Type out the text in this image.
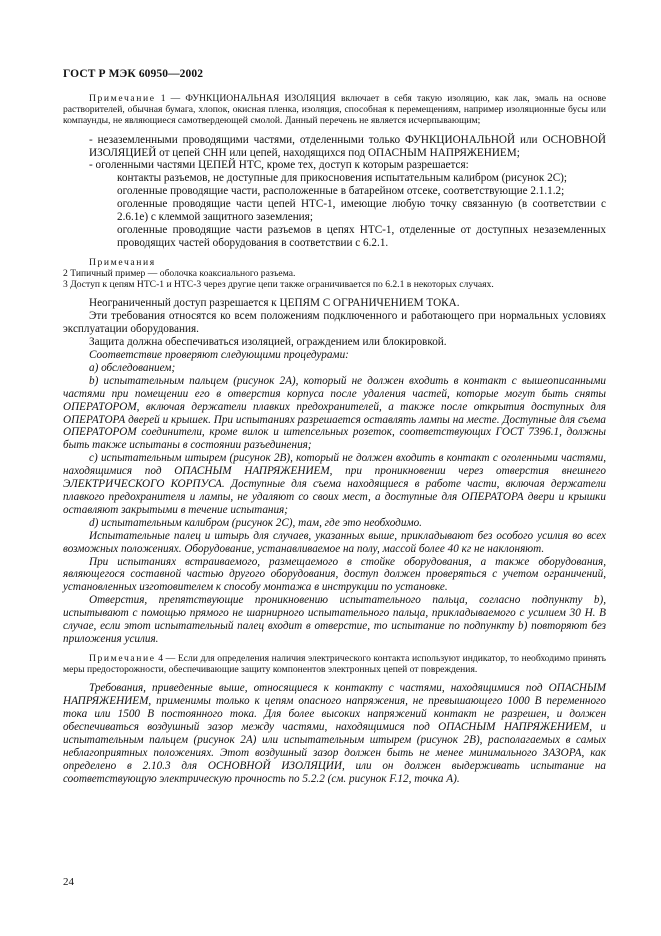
ГОСТ Р МЭК 60950—2002

Примечание 1 — ФУНКЦИОНАЛЬНАЯ ИЗОЛЯЦИЯ включает в себя такую изоляцию, как лак, эмаль на основе растворителей, обычная бумага, хлопок, окисная пленка, изоляция, способная к перемещениям, например изоляционные бусы или компаунды, не являющиеся самотвердеющей смолой. Данный перечень не является исчерпывающим;

- незаземленными проводящими частями, отделенными только ФУНКЦИОНАЛЬНОЙ или ОСНОВНОЙ ИЗОЛЯЦИЕЙ от цепей СНН или цепей, находящихся под ОПАСНЫМ НАПРЯЖЕНИЕМ;

- оголенными частями ЦЕПЕЙ НТС, кроме тех, доступ к которым разрешается:

контакты разъемов, не доступные для прикосновения испытательным калибром (рисунок 2С);

оголенные проводящие части, расположенные в батарейном отсеке, соответствующие 2.1.1.2;

оголенные проводящие части цепей НТС-1, имеющие любую точку связанную (в соответствии с 2.6.1е) с клеммой защитного заземления;

оголенные проводящие части разъемов в цепях НТС-1, отделенные от доступных незаземленных проводящих частей оборудования в соответствии с 6.2.1.

Примечания

2 Типичный пример — оболочка коаксиального разъема.

3 Доступ к цепям НТС-1 и НТС-3 через другие цепи также ограничивается по 6.2.1 в некоторых случаях.

Неограниченный доступ разрешается к ЦЕПЯМ С ОГРАНИЧЕНИЕМ ТОКА.

Эти требования относятся ко всем положениям подключенного и работающего при нормальных условиях эксплуатации оборудования.

Защита должна обеспечиваться изоляцией, ограждением или блокировкой.

Соответствие проверяют следующими процедурами:

а) обследованием;

b) испытательным пальцем (рисунок 2А), который не должен входить в контакт с вышеописанными частями при помещении его в отверстия корпуса после удаления частей, которые могут быть сняты ОПЕРАТОРОМ, включая держатели плавких предохранителей, а также после открытия доступных для ОПЕРАТОРА дверей и крышек. При испытаниях разрешается оставлять лампы на месте. Доступные для съема ОПЕРАТОРОМ соединители, кроме вилок и штепсельных розеток, соответствующих ГОСТ 7396.1, должны быть также испытаны в состоянии разъединения;

с) испытательным штырем (рисунок 2В), который не должен входить в контакт с оголенными частями, находящимися под ОПАСНЫМ НАПРЯЖЕНИЕМ, при проникновении через отверстия внешнего ЭЛЕКТРИЧЕСКОГО КОРПУСА. Доступные для съема находящиеся в работе части, включая держатели плавкого предохранителя и лампы, не удаляют со своих мест, а доступные для ОПЕРАТОРА двери и крышки оставляют закрытыми в течение испытания;

d) испытательным калибром (рисунок 2С), там, где это необходимо.

Испытательные палец и штырь для случаев, указанных выше, прикладывают без особого усилия во всех возможных положениях. Оборудование, устанавливаемое на полу, массой более 40 кг не наклоняют.

При испытаниях встраиваемого, размещаемого в стойке оборудования, а также оборудования, являющегося составной частью другого оборудования, доступ должен проверяться с учетом ограничений, установленных изготовителем к способу монтажа в инструкции по установке.

Отверстия, препятствующие проникновению испытательного пальца, согласно подпункту b), испытывают с помощью прямого не шарнирного испытательного пальца, прикладываемого с усилием 30 Н. В случае, если этот испытательный палец входит в отверстие, то испытание по подпункту b) повторяют без приложения усилия.

Примечание 4 — Если для определения наличия электрического контакта используют индикатор, то необходимо принять меры предосторожности, обеспечивающие защиту компонентов электронных цепей от повреждения.

Требования, приведенные выше, относящиеся к контакту с частями, находящимися под ОПАСНЫМ НАПРЯЖЕНИЕМ, применимы только к цепям опасного напряжения, не превышающего 1000 В переменного тока или 1500 В постоянного тока. Для более высоких напряжений контакт не разрешен, и должен обеспечиваться воздушный зазор между частями, находящимися под ОПАСНЫМ НАПРЯЖЕНИЕМ, и испытательным пальцем (рисунок 2А) или испытательным штырем (рисунок 2В), располагаемых в самых неблагоприятных положениях. Этот воздушный зазор должен быть не менее минимального ЗАЗОРА, как определено в 2.10.3 для ОСНОВНОЙ ИЗОЛЯЦИИ, или он должен выдерживать испытание на соответствующую электрическую прочность по 5.2.2 (см. рисунок F.12, точка А).

24
